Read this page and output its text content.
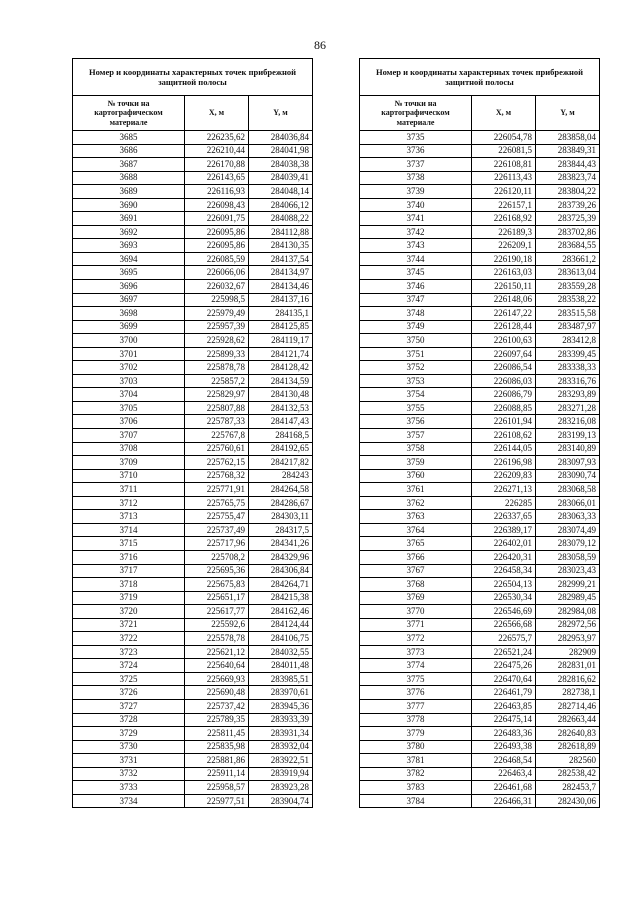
86
Номер и координаты характерных точек прибрежной защитной полосы		
№ точки на картографическом материале	X, м	Y, м
3685	226235,62	284036,84
3686	226210,44	284041,98
3687	226170,88	284038,38
3688	226143,65	284039,41
3689	226116,93	284048,14
3690	226098,43	284066,12
3691	226091,75	284088,22
3692	226095,86	284112,88
3693	226095,86	284130,35
3694	226085,59	284137,54
3695	226066,06	284134,97
3696	226032,67	284134,46
3697	225998,5	284137,16
3698	225979,49	284135,1
3699	225957,39	284125,85
3700	225928,62	284119,17
3701	225899,33	284121,74
3702	225878,78	284128,42
3703	225857,2	284134,59
3704	225829,97	284130,48
3705	225807,88	284132,53
3706	225787,33	284147,43
3707	225767,8	284168,5
3708	225760,61	284192,65
3709	225762,15	284217,82
3710	225768,32	284243
3711	225771,91	284264,58
3712	225765,75	284286,67
3713	225755,47	284303,11
3714	225737,49	284317,5
3715	225717,96	284341,26
3716	225708,2	284329,96
3717	225695,36	284306,84
3718	225675,83	284264,71
3719	225651,17	284215,38
3720	225617,77	284162,46
3721	225592,6	284124,44
3722	225578,78	284106,75
3723	225621,12	284032,55
3724	225640,64	284011,48
3725	225669,93	283985,51
3726	225690,48	283970,61
3727	225737,42	283945,36
3728	225789,35	283933,39
3729	225811,45	283931,34
3730	225835,98	283932,04
3731	225881,86	283922,51
3732	225911,14	283919,94
3733	225958,57	283923,28
3734	225977,51	283904,74
Номер и координаты характерных точек прибрежной защитной полосы		
№ точки на картографическом материале	X, м	Y, м
3735	226054,78	283858,04
3736	226081,5	283849,31
3737	226108,81	283844,43
3738	226113,43	283823,74
3739	226120,11	283804,22
3740	226157,1	283739,26
3741	226168,92	283725,39
3742	226189,3	283702,86
3743	226209,1	283684,55
3744	226190,18	283661,2
3745	226163,03	283613,04
3746	226150,11	283559,28
3747	226148,06	283538,22
3748	226147,22	283515,58
3749	226128,44	283487,97
3750	226100,63	283412,8
3751	226097,64	283399,45
3752	226086,54	283338,33
3753	226086,03	283316,76
3754	226086,79	283293,89
3755	226088,85	283271,28
3756	226101,94	283216,08
3757	226108,62	283199,13
3758	226144,05	283140,89
3759	226196,98	283097,93
3760	226209,83	283090,74
3761	226271,13	283068,58
3762	226285	283066,01
3763	226337,65	283063,33
3764	226389,17	283074,49
3765	226402,01	283079,12
3766	226420,31	283058,59
3767	226458,34	283023,43
3768	226504,13	282999,21
3769	226530,34	282989,45
3770	226546,69	282984,08
3771	226566,68	282972,56
3772	226575,7	282953,97
3773	226521,24	282909
3774	226475,26	282831,01
3775	226470,64	282816,62
3776	226461,79	282738,1
3777	226463,85	282714,46
3778	226475,14	282663,44
3779	226483,36	282640,83
3780	226493,38	282618,89
3781	226468,54	282560
3782	226463,4	282538,42
3783	226461,68	282453,7
3784	226466,31	282430,06
